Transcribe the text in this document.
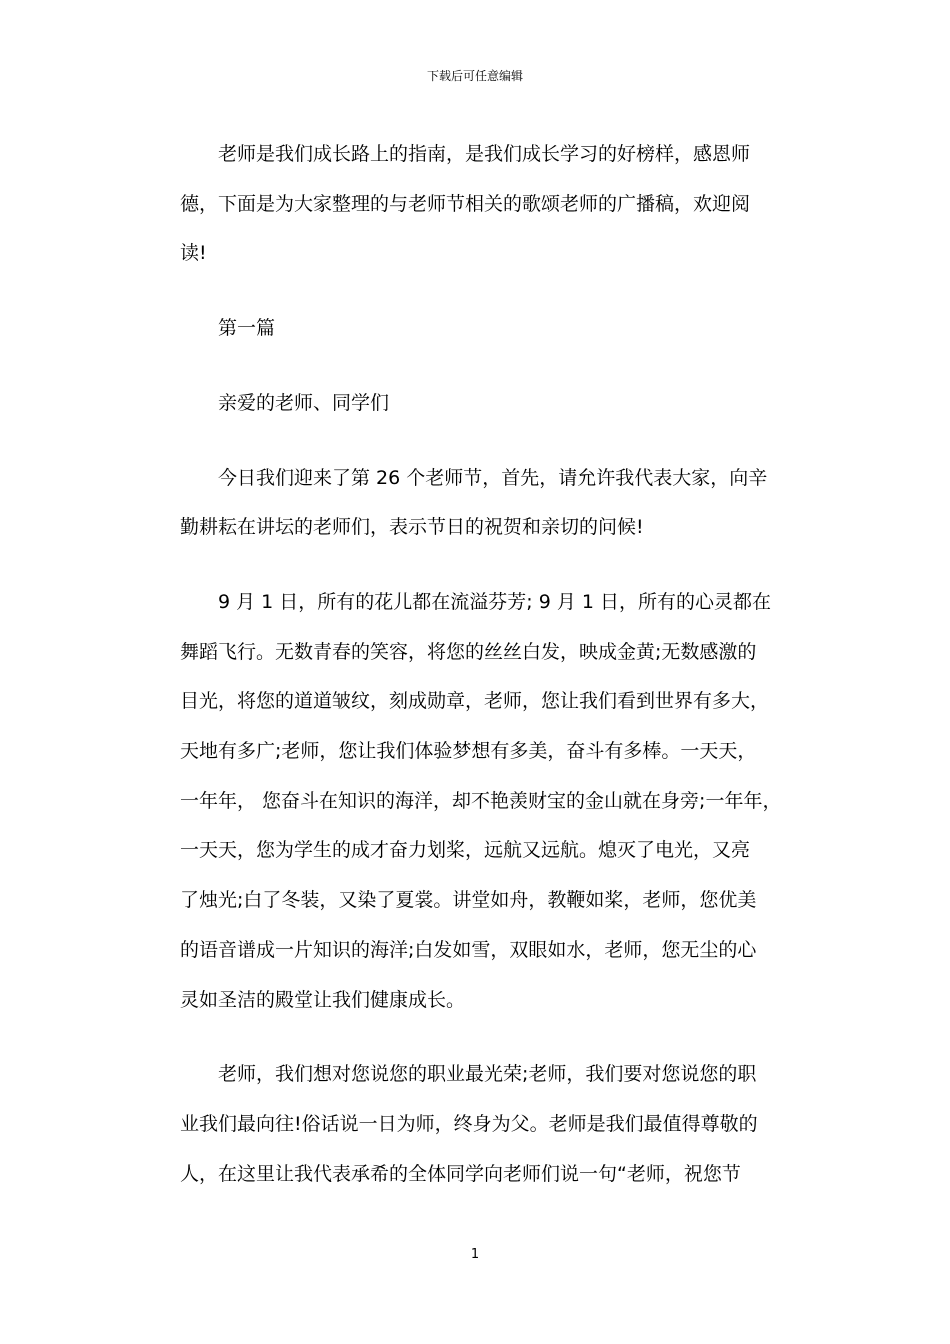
下载后可任意编辑
老师是我们成长路上的指南，是我们成长学习的好榜样，感恩师
德，下面是为大家整理的与老师节相关的歌颂老师的广播稿，欢迎阅
读!
第一篇
亲爱的老师、同学们
今日我们迎来了第 26 个老师节，首先，请允许我代表大家，向辛
勤耕耘在讲坛的老师们，表示节日的祝贺和亲切的问候!
9 月 1 日，所有的花儿都在流溢芬芳; 9 月 1 日，所有的心灵都在
舞蹈飞行。无数青春的笑容，将您的丝丝白发，映成金黄;无数感激的
目光，将您的道道皱纹，刻成勋章，老师，您让我们看到世界有多大，
天地有多广;老师，您让我们体验梦想有多美，奋斗有多棒。一天天，
一年年， 您奋斗在知识的海洋，却不艳羡财宝的金山就在身旁;一年年，
一天天，您为学生的成才奋力划桨，远航又远航。熄灭了电光，又亮
了烛光;白了冬装，又染了夏裳。讲堂如舟，教鞭如桨，老师，您优美
的语音谱成一片知识的海洋;白发如雪，双眼如水，老师，您无尘的心
灵如圣洁的殿堂让我们健康成长。
老师，我们想对您说您的职业最光荣;老师，我们要对您说您的职
业我们最向往!俗话说一日为师，终身为父。老师是我们最值得尊敬的
人，在这里让我代表承希的全体同学向老师们说一句“老师，祝您节
1
